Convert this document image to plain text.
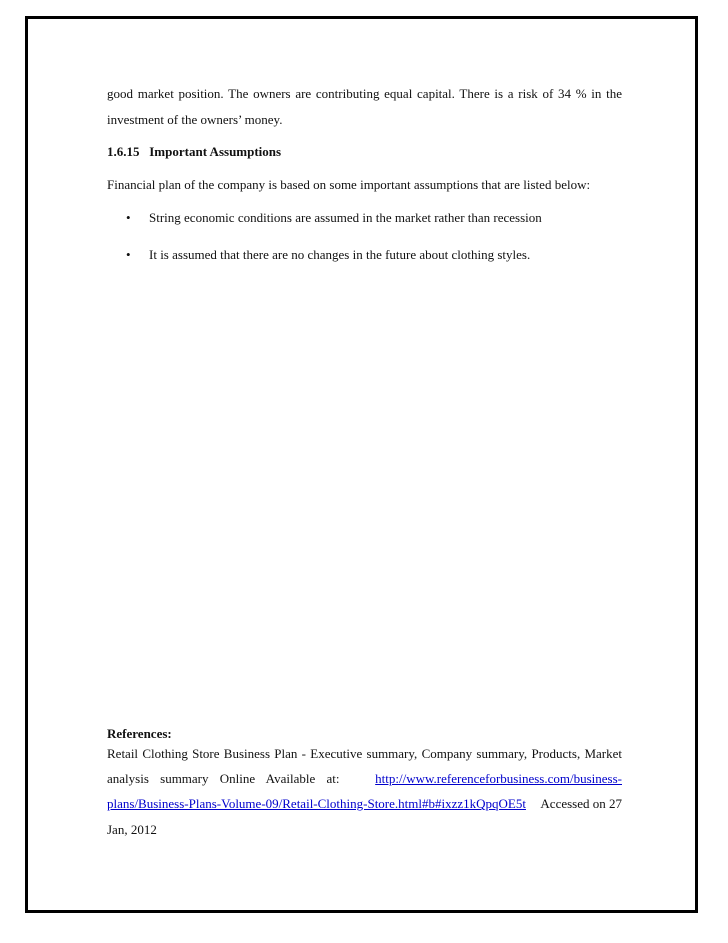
good market position. The owners are contributing equal capital. There is a risk of 34 % in the
investment of the owners’ money.
1.6.15 Important Assumptions
Financial plan of the company is based on some important assumptions that are listed below:
• String economic conditions are assumed in the market rather than recession
• It is assumed that there are no changes in the future about clothing styles.
References:
Retail Clothing Store Business Plan - Executive summary, Company summary, Products, Market
analysis summary Online Available at:	http://www.referenceforbusiness.com/business-
plans/Business-Plans-Volume-09/Retail-Clothing-Store.html#b#ixzz1kQpqOE5t Accessed on 27
Jan, 2012
